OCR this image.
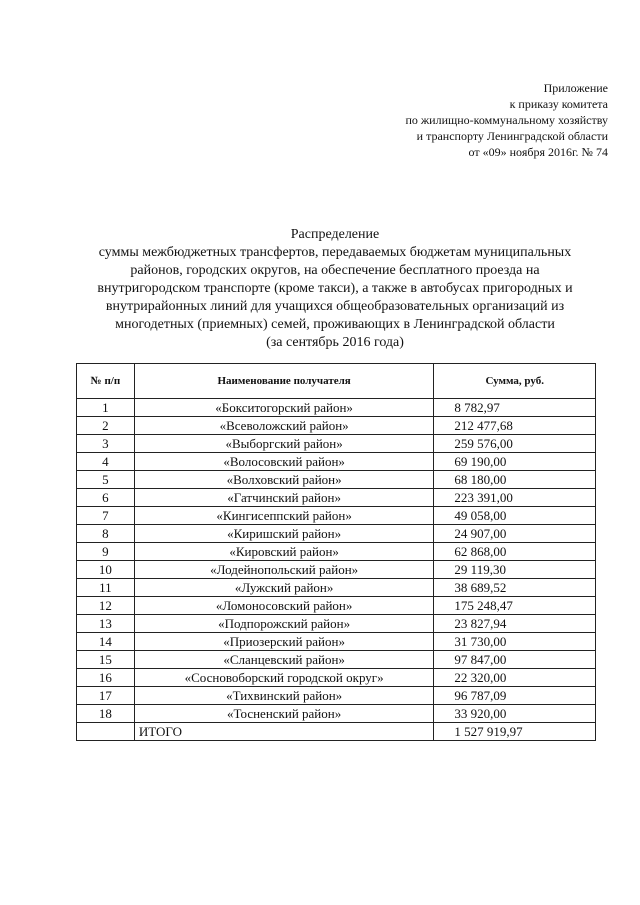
Приложение
к приказу комитета
по жилищно-коммунальному хозяйству
и транспорту Ленинградской области
от «09» ноября 2016г. № 74
Распределение
суммы межбюджетных трансфертов, передаваемых бюджетам муниципальных
районов, городских округов, на обеспечение бесплатного проезда на
внутригородском транспорте (кроме такси), а также в автобусах пригородных и
внутрирайонных линий для учащихся общеобразовательных организаций из
многодетных (приемных) семей, проживающих в Ленинградской области
(за сентябрь 2016 года)
№ п/п	Наименование получателя	Сумма, руб.
1	«Бокситогорский район»	8 782,97
2	«Всеволожский район»	212 477,68
3	«Выборгский район»	259 576,00
4	«Волосовский район»	69 190,00
5	«Волховский район»	68 180,00
6	«Гатчинский район»	223 391,00
7	«Кингисеппский район»	49 058,00
8	«Киришский район»	24 907,00
9	«Кировский район»	62 868,00
10	«Лодейнопольский район»	29 119,30
11	«Лужский район»	38 689,52
12	«Ломоносовский район»	175 248,47
13	«Подпорожский район»	23 827,94
14	«Приозерский район»	31 730,00
15	«Сланцевский район»	97 847,00
16	«Сосновоборский городской округ»	22 320,00
17	«Тихвинский район»	96 787,09
18	«Тосненский район»	33 920,00
	ИТОГО	1 527 919,97
